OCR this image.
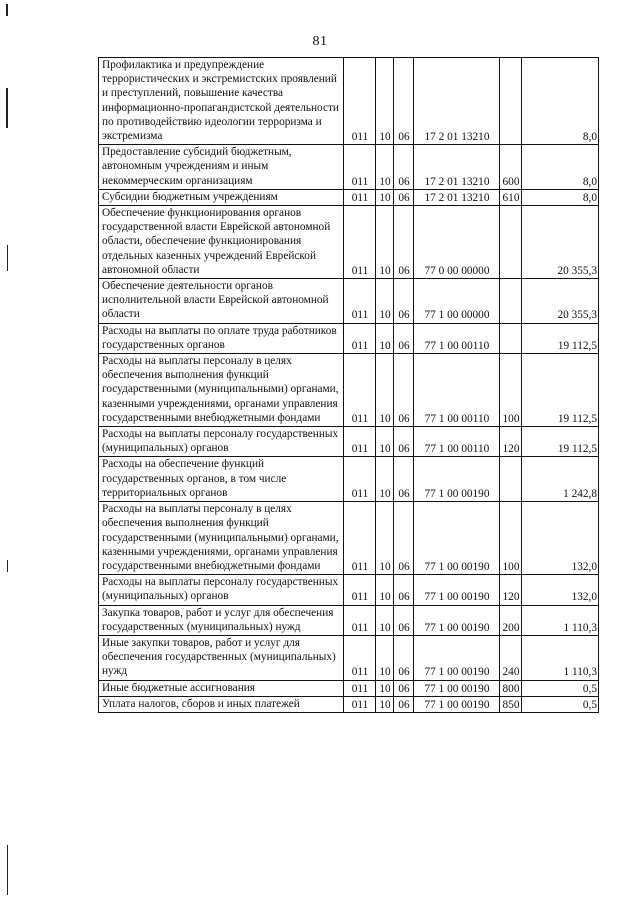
81
Профилактика и предупреждение террористических и экстремистских проявлений и преступлений, повышение качества информационно-пропагандистской деятельности по противодействию идеологии терроризма и экстремизма	011	10	06	17 2 01 13210		8,0
Предоставление субсидий бюджетным, автономным учреждениям и иным некоммерческим организациям	011	10	06	17 2 01 13210	600	8,0
Субсидии бюджетным учреждениям	011	10	06	17 2 01 13210	610	8,0
Обеспечение функционирования органов государственной власти Еврейской автономной области, обеспечение функционирования отдельных казенных учреждений Еврейской автономной области	011	10	06	77 0 00 00000		20 355,3
Обеспечение деятельности органов исполнительной власти Еврейской автономной области	011	10	06	77 1 00 00000		20 355,3
Расходы на выплаты по оплате труда работников государственных органов	011	10	06	77 1 00 00110		19 112,5
Расходы на выплаты персоналу в целях обеспечения выполнения функций государственными (муниципальными) органами, казенными учреждениями, органами управления государственными внебюджетными фондами	011	10	06	77 1 00 00110	100	19 112,5
Расходы на выплаты персоналу государственных (муниципальных) органов	011	10	06	77 1 00 00110	120	19 112,5
Расходы на обеспечение функций государственных органов, в том числе территориальных органов	011	10	06	77 1 00 00190		1 242,8
Расходы на выплаты персоналу в целях обеспечения выполнения функций государственными (муниципальными) органами, казенными учреждениями, органами управления государственными внебюджетными фондами	011	10	06	77 1 00 00190	100	132,0
Расходы на выплаты персоналу государственных (муниципальных) органов	011	10	06	77 1 00 00190	120	132,0
Закупка товаров, работ и услуг для обеспечения государственных (муниципальных) нужд	011	10	06	77 1 00 00190	200	1 110,3
Иные закупки товаров, работ и услуг для обеспечения государственных (муниципальных) нужд	011	10	06	77 1 00 00190	240	1 110,3
Иные бюджетные ассигнования	011	10	06	77 1 00 00190	800	0,5
Уплата налогов, сборов и иных платежей	011	10	06	77 1 00 00190	850	0,5
